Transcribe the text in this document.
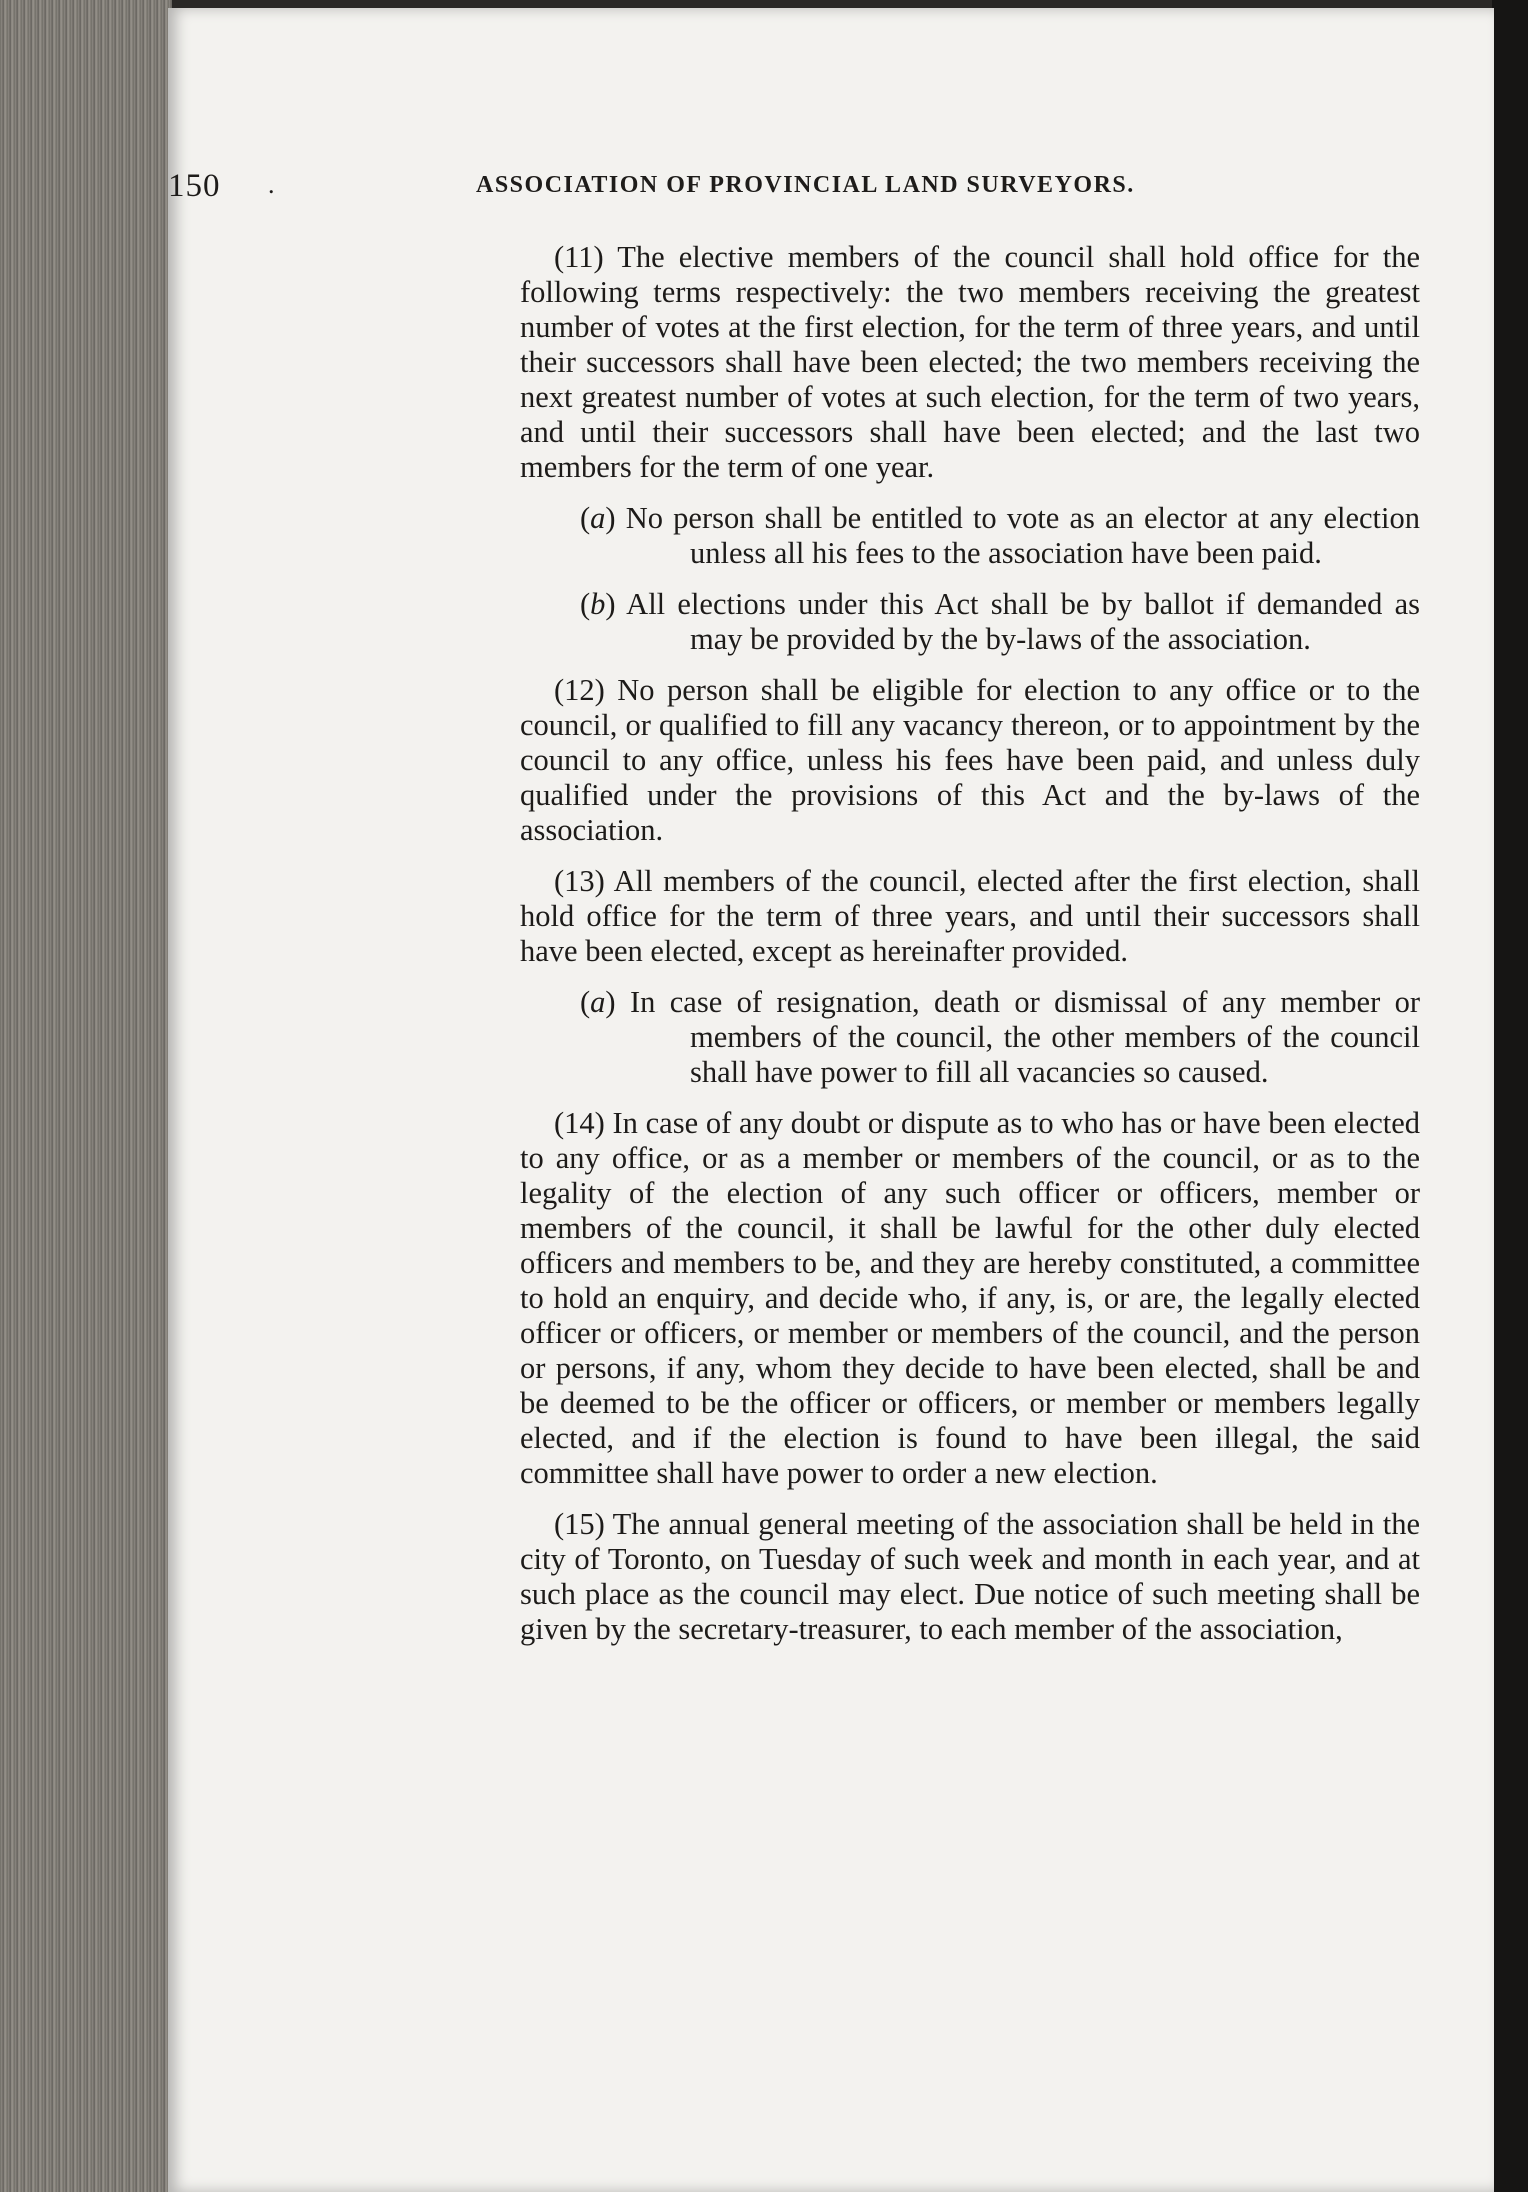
150 .	ASSOCIATION OF PROVINCIAL LAND SURVEYORS.

(11) The elective members of the council shall hold office for the following terms respectively: the two members receiving the greatest number of votes at the first election, for the term of three years, and until their successors shall have been elected; the two members receiving the next greatest number of votes at such election, for the term of two years, and until their successors shall have been elected; and the last two members for the term of one year.

(a) No person shall be entitled to vote as an elector at any election unless all his fees to the association have been paid.

(b) All elections under this Act shall be by ballot if demanded as may be provided by the by-laws of the association.

(12) No person shall be eligible for election to any office or to the council, or qualified to fill any vacancy thereon, or to appointment by the council to any office, unless his fees have been paid, and unless duly qualified under the provisions of this Act and the by-laws of the association.

(13) All members of the council, elected after the first election, shall hold office for the term of three years, and until their successors shall have been elected, except as hereinafter provided.

(a) In case of resignation, death or dismissal of any member or members of the council, the other members of the council shall have power to fill all vacancies so caused.

(14) In case of any doubt or dispute as to who has or have been elected to any office, or as a member or members of the council, or as to the legality of the election of any such officer or officers, member or members of the council, it shall be lawful for the other duly elected officers and members to be, and they are hereby constituted, a committee to hold an enquiry, and decide who, if any, is, or are, the legally elected officer or officers, or member or members of the council, and the person or persons, if any, whom they decide to have been elected, shall be and be deemed to be the officer or officers, or member or members legally elected, and if the election is found to have been illegal, the said committee shall have power to order a new election.

(15) The annual general meeting of the association shall be held in the city of Toronto, on Tuesday of such week and month in each year, and at such place as the council may elect. Due notice of such meeting shall be given by the secretary-treasurer, to each member of the association,
